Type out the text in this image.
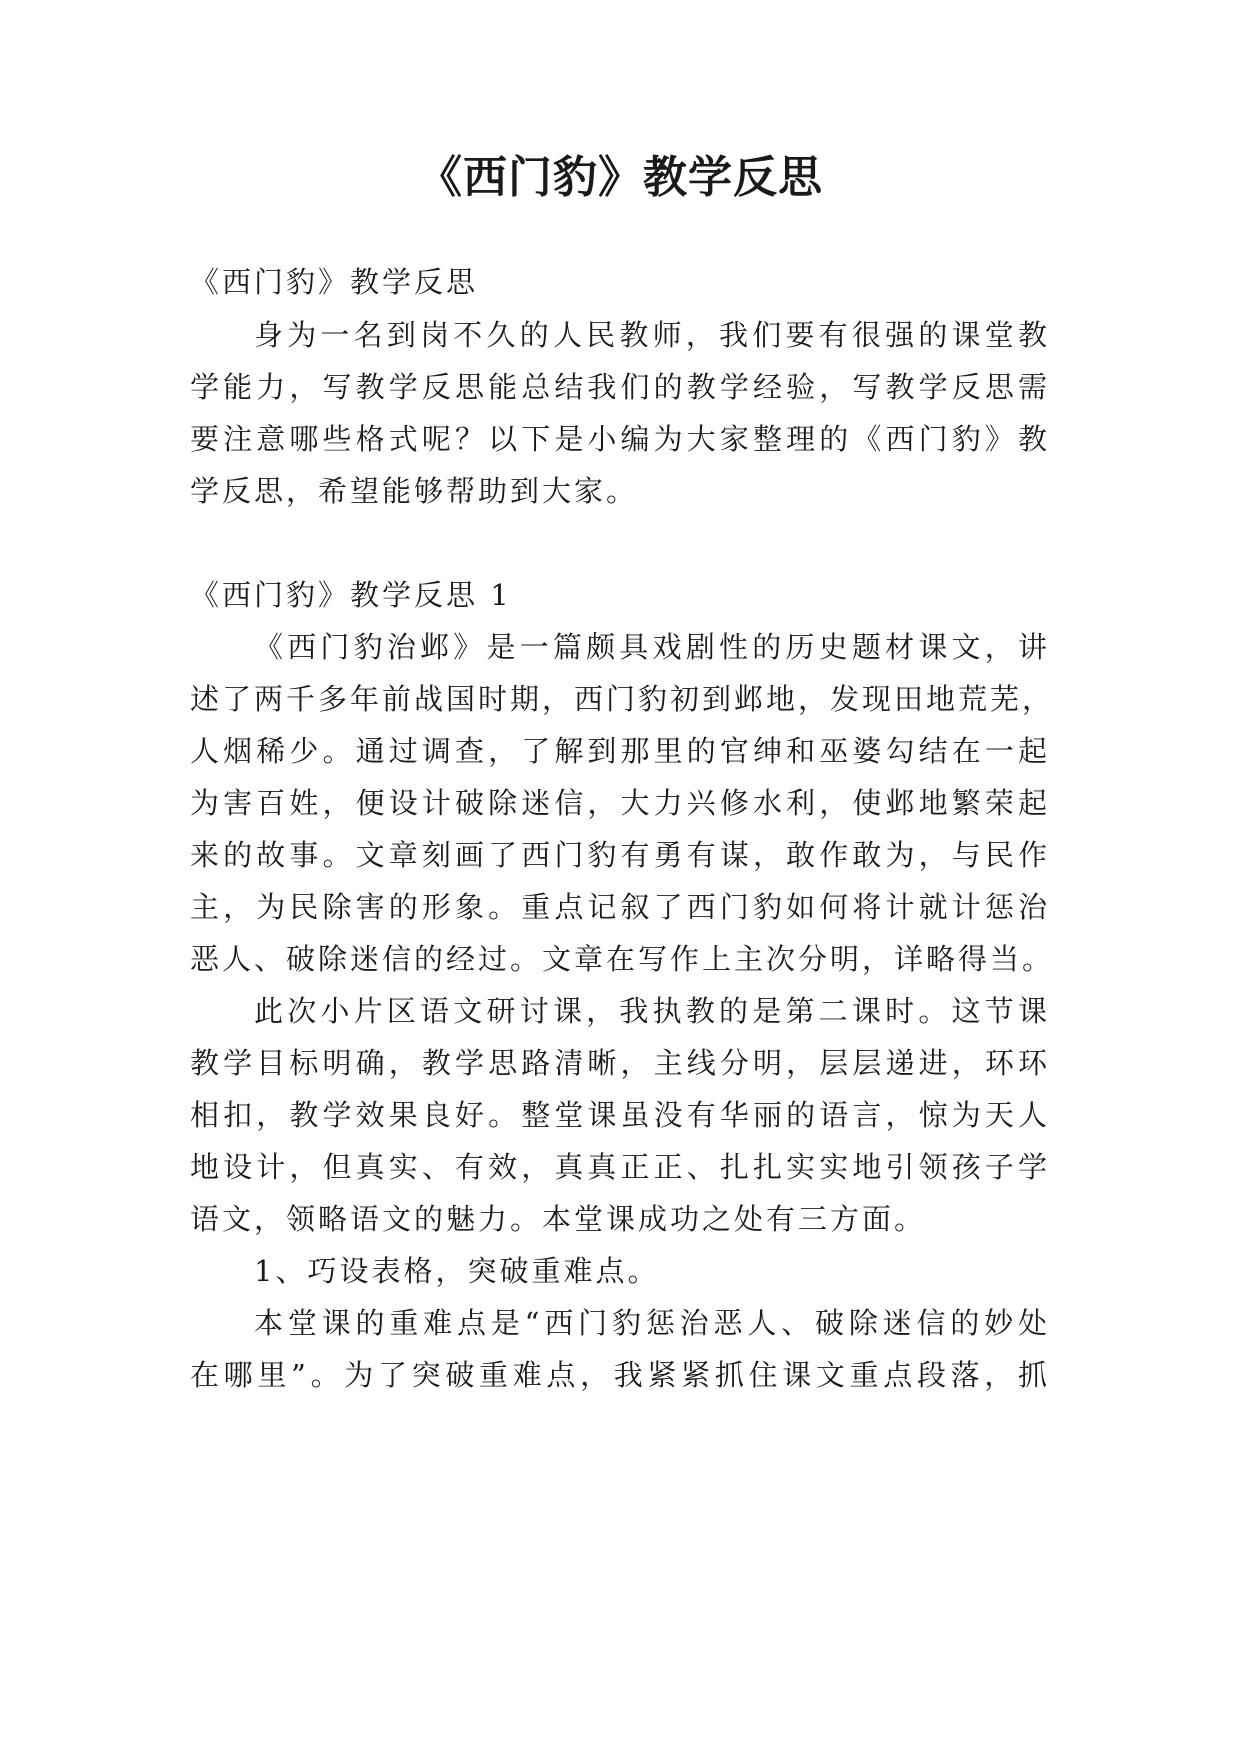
《西门豹》教学反思
《西门豹》教学反思
身为一名到岗不久的人民教师，我们要有很强的课堂教
学能力，写教学反思能总结我们的教学经验，写教学反思需
要注意哪些格式呢？以下是小编为大家整理的《西门豹》教
学反思，希望能够帮助到大家。
《西门豹》教学反思 1
《西门豹治邺》是一篇颇具戏剧性的历史题材课文，讲
述了两千多年前战国时期，西门豹初到邺地，发现田地荒芜，
人烟稀少。通过调查，了解到那里的官绅和巫婆勾结在一起
为害百姓，便设计破除迷信，大力兴修水利，使邺地繁荣起
来的故事。文章刻画了西门豹有勇有谋，敢作敢为，与民作
主，为民除害的形象。重点记叙了西门豹如何将计就计惩治
恶人、破除迷信的经过。文章在写作上主次分明，详略得当。
此次小片区语文研讨课，我执教的是第二课时。这节课
教学目标明确，教学思路清晰，主线分明，层层递进，环环
相扣，教学效果良好。整堂课虽没有华丽的语言，惊为天人
地设计，但真实、有效，真真正正、扎扎实实地引领孩子学
语文，领略语文的魅力。本堂课成功之处有三方面。
1、巧设表格，突破重难点。
本堂课的重难点是“西门豹惩治恶人、破除迷信的妙处
在哪里”。为了突破重难点，我紧紧抓住课文重点段落，抓
